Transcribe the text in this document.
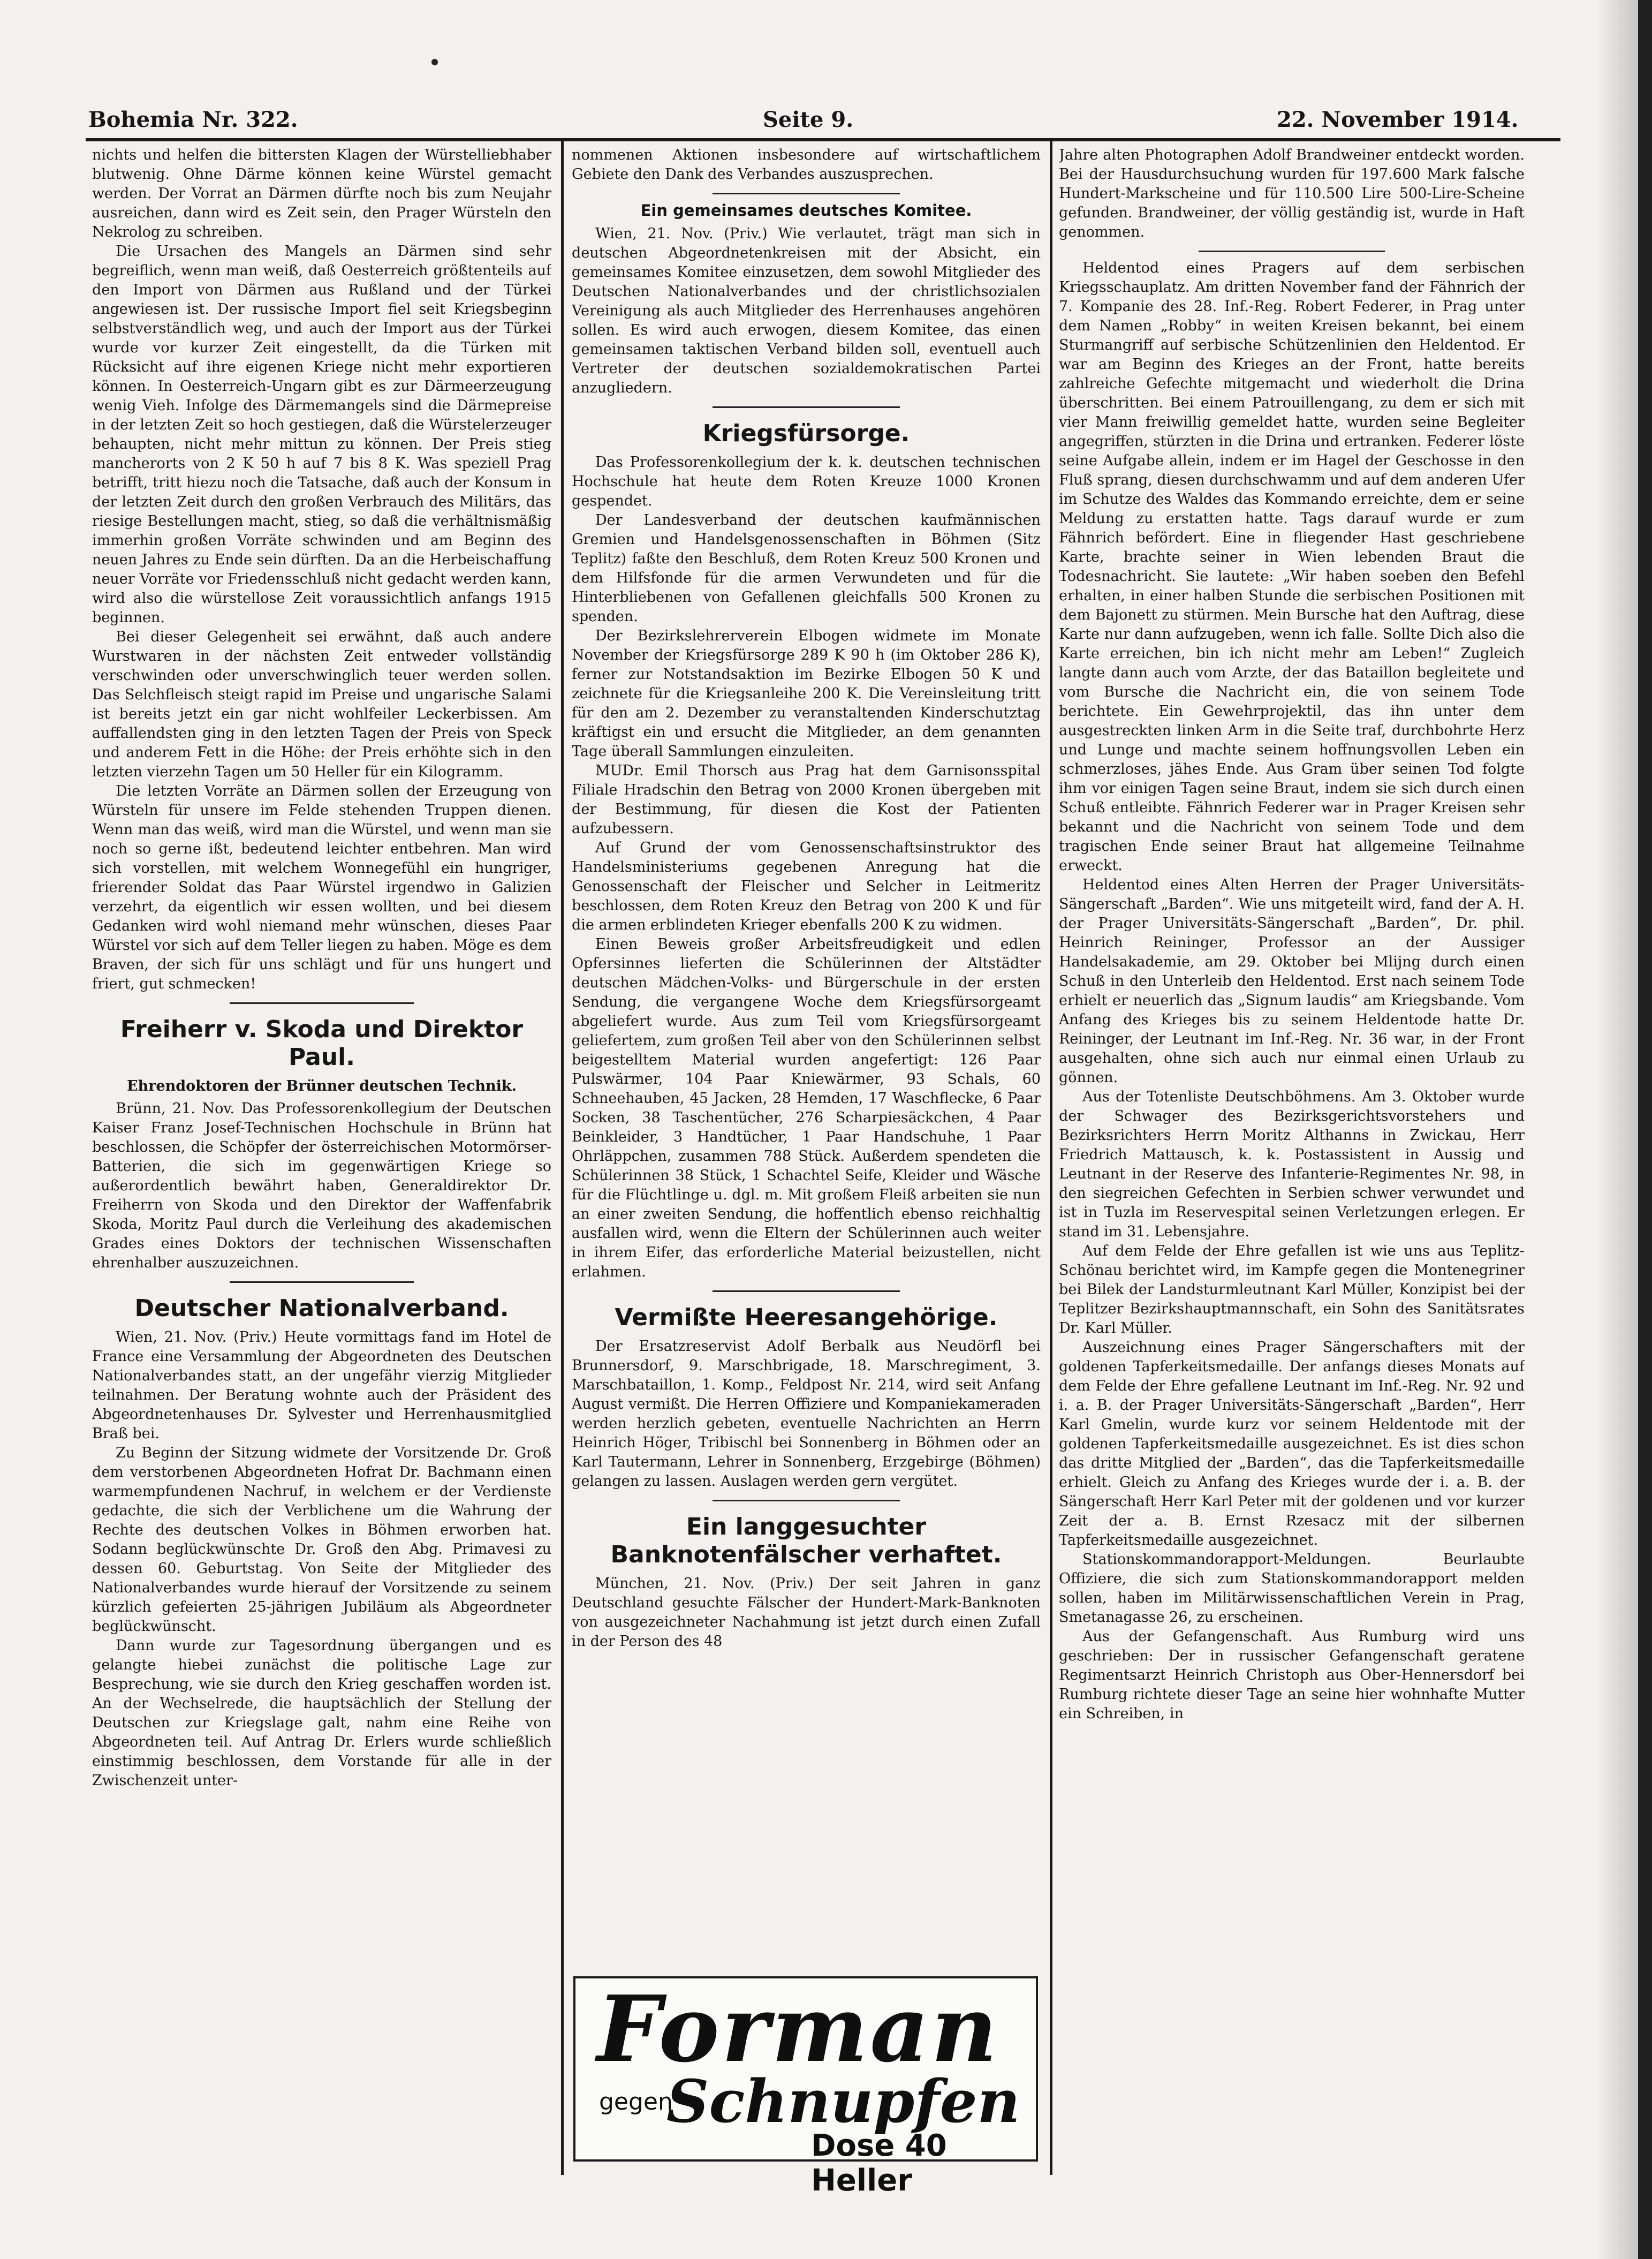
Bohemia Nr. 322.	Seite 9.	22. November 1914.

nichts und helfen die bittersten Klagen der Würstelliebhaber blutwenig. Ohne Därme können keine Würstel gemacht werden. Der Vorrat an Därmen dürfte noch bis zum Neujahr ausreichen, dann wird es Zeit sein, den Prager Würsteln den Nekrolog zu schreiben.

Die Ursachen des Mangels an Därmen sind sehr begreiflich, wenn man weiß, daß Oesterreich größtenteils auf den Import von Därmen aus Rußland und der Türkei angewiesen ist. Der russische Import fiel seit Kriegsbeginn selbstverständlich weg, und auch der Import aus der Türkei wurde vor kurzer Zeit eingestellt, da die Türken mit Rücksicht auf ihre eigenen Kriege nicht mehr exportieren können. In Oesterreich-Ungarn gibt es zur Därmeerzeugung wenig Vieh. Infolge des Därmemangels sind die Därmepreise in der letzten Zeit so hoch gestiegen, daß die Würstelerzeuger behaupten, nicht mehr mittun zu können. Der Preis stieg mancherorts von 2 K 50 h auf 7 bis 8 K. Was speziell Prag betrifft, tritt hiezu noch die Tatsache, daß auch der Konsum in der letzten Zeit durch den großen Verbrauch des Militärs, das riesige Bestellungen macht, stieg, so daß die verhältnismäßig immerhin großen Vorräte schwinden und am Beginn des neuen Jahres zu Ende sein dürften. Da an die Herbeischaffung neuer Vorräte vor Friedensschluß nicht gedacht werden kann, wird also die würstellose Zeit voraussichtlich anfangs 1915 beginnen.

Bei dieser Gelegenheit sei erwähnt, daß auch andere Wurstwaren in der nächsten Zeit entweder vollständig verschwinden oder unverschwinglich teuer werden sollen. Das Selchfleisch steigt rapid im Preise und ungarische Salami ist bereits jetzt ein gar nicht wohlfeiler Leckerbissen. Am auffallendsten ging in den letzten Tagen der Preis von Speck und anderem Fett in die Höhe: der Preis erhöhte sich in den letzten vierzehn Tagen um 50 Heller für ein Kilogramm.

Die letzten Vorräte an Därmen sollen der Erzeugung von Würsteln für unsere im Felde stehenden Truppen dienen. Wenn man das weiß, wird man die Würstel, und wenn man sie noch so gerne ißt, bedeutend leichter entbehren. Man wird sich vorstellen, mit welchem Wonnegefühl ein hungriger, frierender Soldat das Paar Würstel irgendwo in Galizien verzehrt, da eigentlich wir essen wollten, und bei diesem Gedanken wird wohl niemand mehr wünschen, dieses Paar Würstel vor sich auf dem Teller liegen zu haben. Möge es dem Braven, der sich für uns schlägt und für uns hungert und friert, gut schmecken!

Freiherr v. Skoda und Direktor Paul.
Ehrendoktoren der Brünner deutschen Technik.

Brünn, 21. Nov. Das Professorenkollegium der Deutschen Kaiser Franz Josef-Technischen Hochschule in Brünn hat beschlossen, die Schöpfer der österreichischen Motormörser-Batterien, die sich im gegenwärtigen Kriege so außerordentlich bewährt haben, Generaldirektor Dr. Freiherrn von Skoda und den Direktor der Waffenfabrik Skoda, Moritz Paul durch die Verleihung des akademischen Grades eines Doktors der technischen Wissenschaften ehrenhalber auszuzeichnen.

Deutscher Nationalverband.

Wien, 21. Nov. (Priv.) Heute vormittags fand im Hotel de France eine Versammlung der Abgeordneten des Deutschen Nationalverbandes statt, an der ungefähr vierzig Mitglieder teilnahmen. Der Beratung wohnte auch der Präsident des Abgeordnetenhauses Dr. Sylvester und Herrenhausmitglied Braß bei.

Zu Beginn der Sitzung widmete der Vorsitzende Dr. Groß dem verstorbenen Abgeordneten Hofrat Dr. Bachmann einen warmempfundenen Nachruf, in welchem er der Verdienste gedachte, die sich der Verblichene um die Wahrung der Rechte des deutschen Volkes in Böhmen erworben hat. Sodann beglückwünschte Dr. Groß den Abg. Primavesi zu dessen 60. Geburtstag. Von Seite der Mitglieder des Nationalverbandes wurde hierauf der Vorsitzende zu seinem kürzlich gefeierten 25-jährigen Jubiläum als Abgeordneter beglückwünscht.

Dann wurde zur Tagesordnung übergangen und es gelangte hiebei zunächst die politische Lage zur Besprechung, wie sie durch den Krieg geschaffen worden ist. An der Wechselrede, die hauptsächlich der Stellung der Deutschen zur Kriegslage galt, nahm eine Reihe von Abgeordneten teil. Auf Antrag Dr. Erlers wurde schließlich einstimmig beschlossen, dem Vorstande für alle in der Zwischenzeit unter-

nommenen Aktionen insbesondere auf wirtschaftlichem Gebiete den Dank des Verbandes auszusprechen.

Ein gemeinsames deutsches Komitee.

Wien, 21. Nov. (Priv.) Wie verlautet, trägt man sich in deutschen Abgeordnetenkreisen mit der Absicht, ein gemeinsames Komitee einzusetzen, dem sowohl Mitglieder des Deutschen Nationalverbandes und der christlichsozialen Vereinigung als auch Mitglieder des Herrenhauses angehören sollen. Es wird auch erwogen, diesem Komitee, das einen gemeinsamen taktischen Verband bilden soll, eventuell auch Vertreter der deutschen sozialdemokratischen Partei anzugliedern.

Kriegsfürsorge.

Das Professorenkollegium der k. k. deutschen technischen Hochschule hat heute dem Roten Kreuze 1000 Kronen gespendet.

Der Landesverband der deutschen kaufmännischen Gremien und Handelsgenossenschaften in Böhmen (Sitz Teplitz) faßte den Beschluß, dem Roten Kreuz 500 Kronen und dem Hilfsfonde für die armen Verwundeten und für die Hinterbliebenen von Gefallenen gleichfalls 500 Kronen zu spenden.

Der Bezirkslehrerverein Elbogen widmete im Monate November der Kriegsfürsorge 289 K 90 h (im Oktober 286 K), ferner zur Notstandsaktion im Bezirke Elbogen 50 K und zeichnete für die Kriegsanleihe 200 K. Die Vereinsleitung tritt für den am 2. Dezember zu veranstaltenden Kinderschutztag kräftigst ein und ersucht die Mitglieder, an dem genannten Tage überall Sammlungen einzuleiten.

MUDr. Emil Thorsch aus Prag hat dem Garnisonsspital Filiale Hradschin den Betrag von 2000 Kronen übergeben mit der Bestimmung, für diesen die Kost der Patienten aufzubessern.

Auf Grund der vom Genossenschaftsinstruktor des Handelsministeriums gegebenen Anregung hat die Genossenschaft der Fleischer und Selcher in Leitmeritz beschlossen, dem Roten Kreuz den Betrag von 200 K und für die armen erblindeten Krieger ebenfalls 200 K zu widmen.

Einen Beweis großer Arbeitsfreudigkeit und edlen Opfersinnes lieferten die Schülerinnen der Altstädter deutschen Mädchen-Volks- und Bürgerschule in der ersten Sendung, die vergangene Woche dem Kriegsfürsorgeamt abgeliefert wurde. Aus zum Teil vom Kriegsfürsorgeamt geliefertem, zum großen Teil aber von den Schülerinnen selbst beigestelltem Material wurden angefertigt: 126 Paar Pulswärmer, 104 Paar Kniewärmer, 93 Schals, 60 Schneehauben, 45 Jacken, 28 Hemden, 17 Waschflecke, 6 Paar Socken, 38 Taschentücher, 276 Scharpiesäckchen, 4 Paar Beinkleider, 3 Handtücher, 1 Paar Handschuhe, 1 Paar Ohrläppchen, zusammen 788 Stück. Außerdem spendeten die Schülerinnen 38 Stück, 1 Schachtel Seife, Kleider und Wäsche für die Flüchtlinge u. dgl. m. Mit großem Fleiß arbeiten sie nun an einer zweiten Sendung, die hoffentlich ebenso reichhaltig ausfallen wird, wenn die Eltern der Schülerinnen auch weiter in ihrem Eifer, das erforderliche Material beizustellen, nicht erlahmen.

Vermißte Heeresangehörige.

Der Ersatzreservist Adolf Berbalk aus Neudörfl bei Brunnersdorf, 9. Marschbrigade, 18. Marschregiment, 3. Marschbataillon, 1. Komp., Feldpost Nr. 214, wird seit Anfang August vermißt. Die Herren Offiziere und Kompaniekameraden werden herzlich gebeten, eventuelle Nachrichten an Herrn Heinrich Höger, Tribischl bei Sonnenberg in Böhmen oder an Karl Tautermann, Lehrer in Sonnenberg, Erzgebirge (Böhmen) gelangen zu lassen. Auslagen werden gern vergütet.

Ein langgesuchter Banknotenfälscher verhaftet.

München, 21. Nov. (Priv.) Der seit Jahren in ganz Deutschland gesuchte Fälscher der Hundert-Mark-Banknoten von ausgezeichneter Nachahmung ist jetzt durch einen Zufall in der Person des 48

Forman
gegen
Schnupfen
Dose 40 Heller

Jahre alten Photographen Adolf Brandweiner entdeckt worden. Bei der Hausdurchsuchung wurden für 197.600 Mark falsche Hundert-Markscheine und für 110.500 Lire 500-Lire-Scheine gefunden. Brandweiner, der völlig geständig ist, wurde in Haft genommen.

Heldentod eines Pragers auf dem serbischen Kriegsschauplatz. Am dritten November fand der Fähnrich der 7. Kompanie des 28. Inf.-Reg. Robert Federer, in Prag unter dem Namen „Robby“ in weiten Kreisen bekannt, bei einem Sturmangriff auf serbische Schützenlinien den Heldentod. Er war am Beginn des Krieges an der Front, hatte bereits zahlreiche Gefechte mitgemacht und wiederholt die Drina überschritten. Bei einem Patrouillengang, zu dem er sich mit vier Mann freiwillig gemeldet hatte, wurden seine Begleiter angegriffen, stürzten in die Drina und ertranken. Federer löste seine Aufgabe allein, indem er im Hagel der Geschosse in den Fluß sprang, diesen durchschwamm und auf dem anderen Ufer im Schutze des Waldes das Kommando erreichte, dem er seine Meldung zu erstatten hatte. Tags darauf wurde er zum Fähnrich befördert. Eine in fliegender Hast geschriebene Karte, brachte seiner in Wien lebenden Braut die Todesnachricht. Sie lautete: „Wir haben soeben den Befehl erhalten, in einer halben Stunde die serbischen Positionen mit dem Bajonett zu stürmen. Mein Bursche hat den Auftrag, diese Karte nur dann aufzugeben, wenn ich falle. Sollte Dich also die Karte erreichen, bin ich nicht mehr am Leben!“ Zugleich langte dann auch vom Arzte, der das Bataillon begleitete und vom Bursche die Nachricht ein, die von seinem Tode berichtete. Ein Gewehrprojektil, das ihn unter dem ausgestreckten linken Arm in die Seite traf, durchbohrte Herz und Lunge und machte seinem hoffnungsvollen Leben ein schmerzloses, jähes Ende. Aus Gram über seinen Tod folgte ihm vor einigen Tagen seine Braut, indem sie sich durch einen Schuß entleibte. Fähnrich Federer war in Prager Kreisen sehr bekannt und die Nachricht von seinem Tode und dem tragischen Ende seiner Braut hat allgemeine Teilnahme erweckt.

Heldentod eines Alten Herren der Prager Universitäts-Sängerschaft „Barden“. Wie uns mitgeteilt wird, fand der A. H. der Prager Universitäts-Sängerschaft „Barden“, Dr. phil. Heinrich Reininger, Professor an der Aussiger Handelsakademie, am 29. Oktober bei Mlijng durch einen Schuß in den Unterleib den Heldentod. Erst nach seinem Tode erhielt er neuerlich das „Signum laudis“ am Kriegsbande. Vom Anfang des Krieges bis zu seinem Heldentode hatte Dr. Reininger, der Leutnant im Inf.-Reg. Nr. 36 war, in der Front ausgehalten, ohne sich auch nur einmal einen Urlaub zu gönnen.

Aus der Totenliste Deutschböhmens. Am 3. Oktober wurde der Schwager des Bezirksgerichtsvorstehers und Bezirksrichters Herrn Moritz Althanns in Zwickau, Herr Friedrich Mattausch, k. k. Postassistent in Aussig und Leutnant in der Reserve des Infanterie-Regimentes Nr. 98, in den siegreichen Gefechten in Serbien schwer verwundet und ist in Tuzla im Reservespital seinen Verletzungen erlegen. Er stand im 31. Lebensjahre.

Auf dem Felde der Ehre gefallen ist wie uns aus Teplitz-Schönau berichtet wird, im Kampfe gegen die Montenegriner bei Bilek der Landsturmleutnant Karl Müller, Konzipist bei der Teplitzer Bezirkshauptmannschaft, ein Sohn des Sanitätsrates Dr. Karl Müller.

Auszeichnung eines Prager Sängerschafters mit der goldenen Tapferkeitsmedaille. Der anfangs dieses Monats auf dem Felde der Ehre gefallene Leutnant im Inf.-Reg. Nr. 92 und i. a. B. der Prager Universitäts-Sängerschaft „Barden“, Herr Karl Gmelin, wurde kurz vor seinem Heldentode mit der goldenen Tapferkeitsmedaille ausgezeichnet. Es ist dies schon das dritte Mitglied der „Barden“, das die Tapferkeitsmedaille erhielt. Gleich zu Anfang des Krieges wurde der i. a. B. der Sängerschaft Herr Karl Peter mit der goldenen und vor kurzer Zeit der a. B. Ernst Rzesacz mit der silbernen Tapferkeitsmedaille ausgezeichnet.

Stationskommandorapport-Meldungen. Beurlaubte Offiziere, die sich zum Stationskommandorapport melden sollen, haben im Militärwissenschaftlichen Verein in Prag, Smetanagasse 26, zu erscheinen.

Aus der Gefangenschaft. Aus Rumburg wird uns geschrieben: Der in russischer Gefangenschaft geratene Regimentsarzt Heinrich Christoph aus Ober-Hennersdorf bei Rumburg richtete dieser Tage an seine hier wohnhafte Mutter ein Schreiben, in
